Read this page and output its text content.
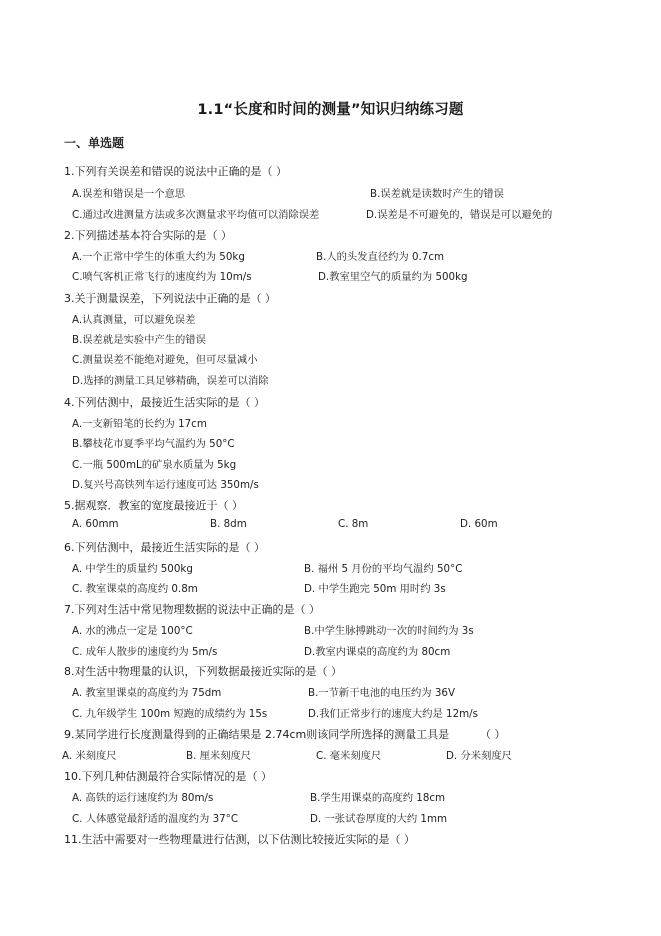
1.1“长度和时间的测量”知识归纳练习题
一、单选题
1.下列有关误差和错误的说法中正确的是（ ）
A.误差和错误是一个意思	B.误差就是读数时产生的错误
C.通过改进测量方法或多次测量求平均值可以消除误差	D.误差是不可避免的，错误是可以避免的
2.下列描述基本符合实际的是（ ）
A.一个正常中学生的体重大约为 50kg	B.人的头发直径约为 0.7cm
C.喷气客机正常飞行的速度约为 10m/s	D.教室里空气的质量约为 500kg
3.关于测量误差，下列说法中正确的是（ ）
A.认真测量，可以避免误差
B.误差就是实验中产生的错误
C.测量误差不能绝对避免，但可尽量减小
D.选择的测量工具足够精确，误差可以消除
4.下列估测中，最接近生活实际的是（ ）
A.一支新铅笔的长约为 17cm
B.攀枝花市夏季平均气温约为 50°C
C.一瓶 500mL的矿泉水质量为 5kg
D.复兴号高铁列车运行速度可达 350m/s
5.据观察．教室的宽度最接近于（ ）
A. 60mm	B. 8dm	C. 8m	D. 60m
6.下列估测中，最接近生活实际的是（ ）
A. 中学生的质量约 500kg	B. 福州 5 月份的平均气温约 50°C
C. 教室课桌的高度约 0.8m	D. 中学生跑完 50m 用时约 3s
7.下列对生活中常见物理数据的说法中正确的是（ ）
A. 水的沸点一定是 100°C	B.中学生脉搏跳动一次的时间约为 3s
C. 成年人散步的速度约为 5m/s	D.教室内课桌的高度约为 80cm
8.对生活中物理量的认识，下列数据最接近实际的是（ ）
A. 教室里课桌的高度约为 75dm	B.一节新干电池的电压约为 36V
C. 九年级学生 100m 短跑的成绩约为 15s	D.我们正常步行的速度大约是 12m/s
9.某同学进行长度测量得到的正确结果是 2.74cm则该同学所选择的测量工具是	（ ）
A. 米刻度尺	B. 厘米刻度尺	C. 毫米刻度尺	D. 分米刻度尺
10.下列几种估测最符合实际情况的是（ ）
A. 高铁的运行速度约为 80m/s	B.学生用课桌的高度约 18cm
C. 人体感觉最舒适的温度约为 37°C	D. 一张试卷厚度的大约 1mm
11.生活中需要对一些物理量进行估测，以下估测比较接近实际的是（ ）
